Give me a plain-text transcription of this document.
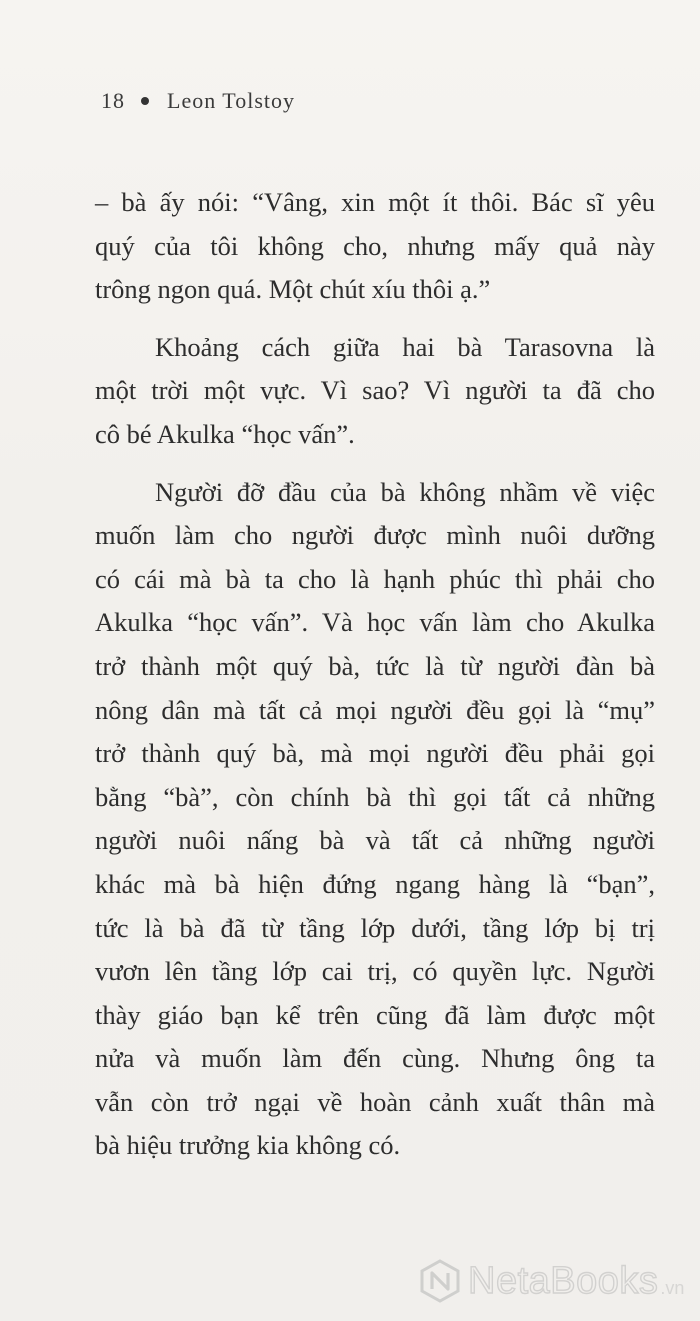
18 Leon Tolstoy

– bà ấy nói: “Vâng, xin một ít thôi. Bác sĩ yêu
quý của tôi không cho, nhưng mấy quả này
trông ngon quá. Một chút xíu thôi ạ.”

Khoảng cách giữa hai bà Tarasovna là
một trời một vực. Vì sao? Vì người ta đã cho
cô bé Akulka “học vấn”.

Người đỡ đầu của bà không nhầm về việc
muốn làm cho người được mình nuôi dưỡng
có cái mà bà ta cho là hạnh phúc thì phải cho
Akulka “học vấn”. Và học vấn làm cho Akulka
trở thành một quý bà, tức là từ người đàn bà
nông dân mà tất cả mọi người đều gọi là “mụ”
trở thành quý bà, mà mọi người đều phải gọi
bằng “bà”, còn chính bà thì gọi tất cả những
người nuôi nấng bà và tất cả những người
khác mà bà hiện đứng ngang hàng là “bạn”,
tức là bà đã từ tầng lớp dưới, tầng lớp bị trị
vươn lên tầng lớp cai trị, có quyền lực. Người
thày giáo bạn kể trên cũng đã làm được một
nửa và muốn làm đến cùng. Nhưng ông ta
vẫn còn trở ngại về hoàn cảnh xuất thân mà
bà hiệu trưởng kia không có.

NetaBooks .vn
